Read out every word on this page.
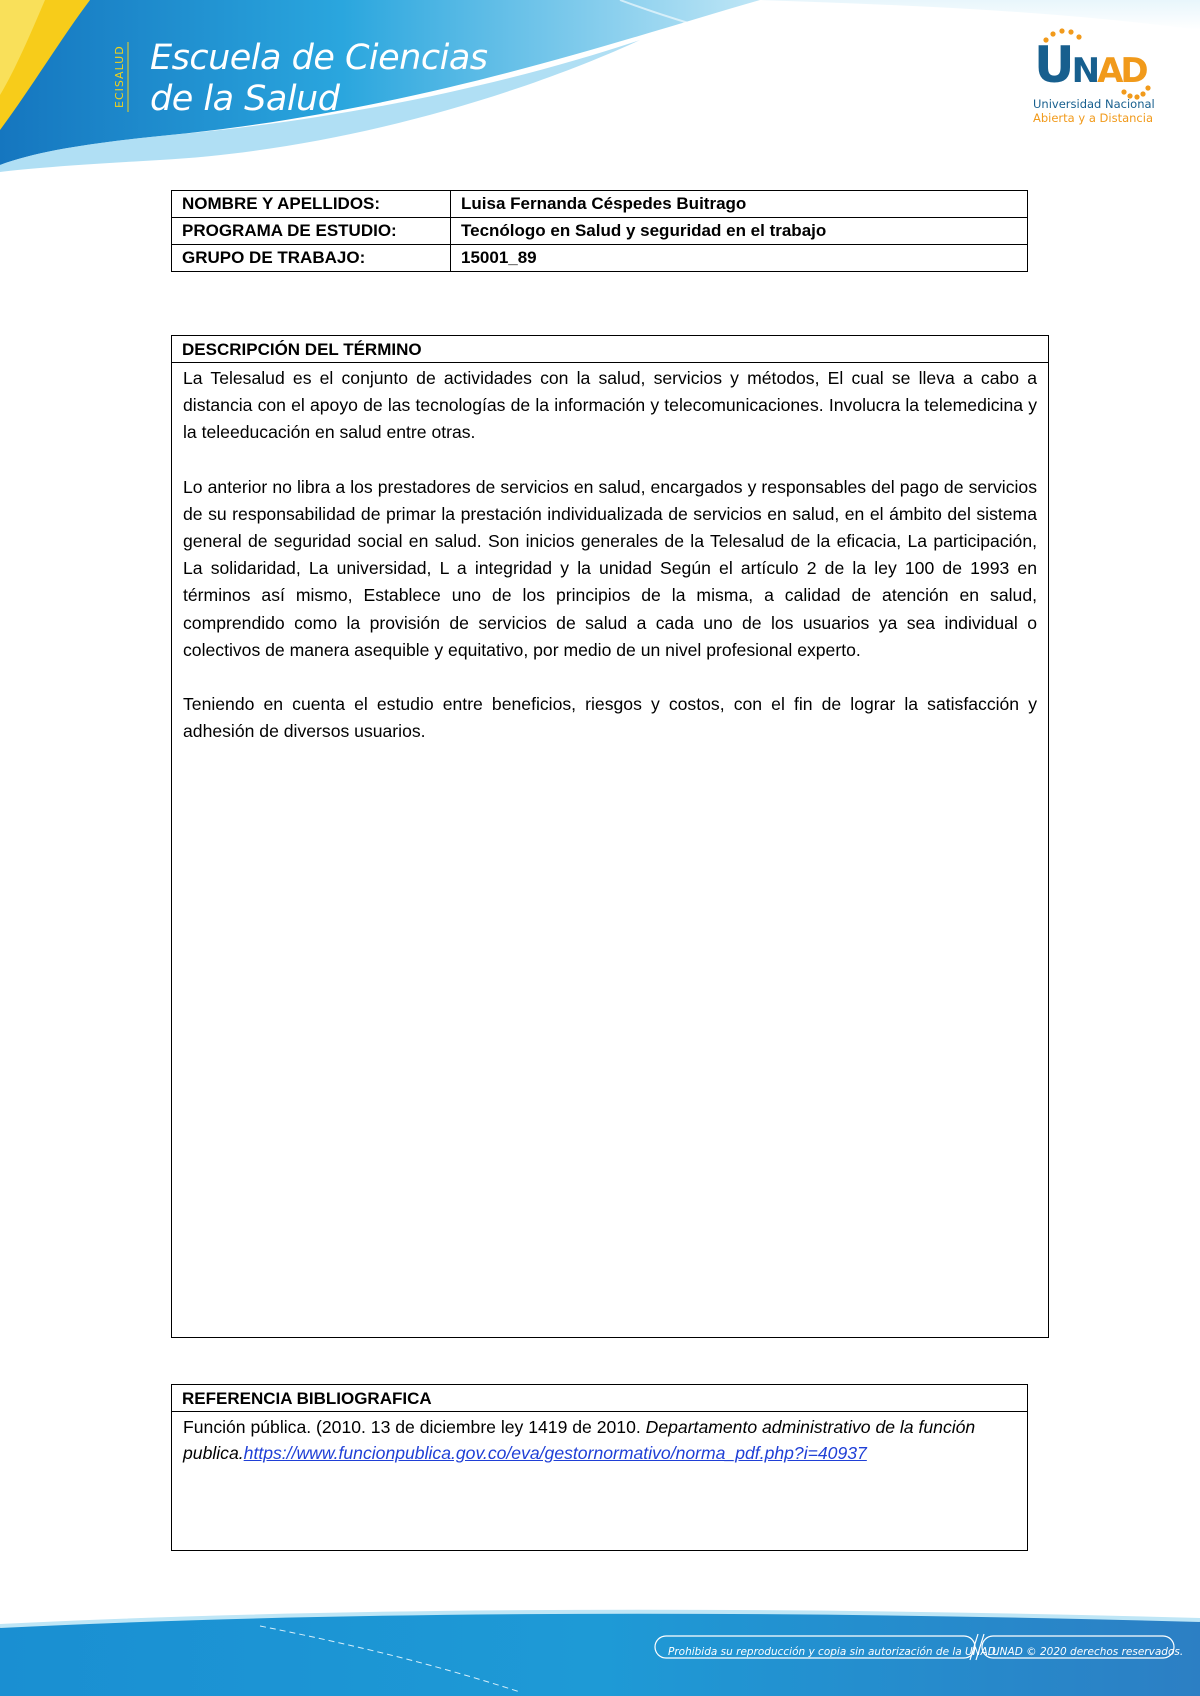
ECISALUD Escuela de Ciencias
de la Salud
UNAD
Universidad Nacional
Abierta y a Distancia
NOMBRE Y APELLIDOS:	Luisa Fernanda Céspedes Buitrago
PROGRAMA DE ESTUDIO:	Tecnólogo en Salud y seguridad en el trabajo
GRUPO DE TRABAJO:	15001_89
DESCRIPCIÓN DEL TÉRMINO

La Telesalud es el conjunto de actividades con la salud, servicios y métodos, El cual se lleva a cabo a distancia con el apoyo de las tecnologías de la información y telecomunicaciones. Involucra la telemedicina y la teleeducación en salud entre otras.

Lo anterior no libra a los prestadores de servicios en salud, encargados y responsables del pago de servicios de su responsabilidad de primar la prestación individualizada de servicios en salud, en el ámbito del sistema general de seguridad social en salud. Son inicios generales de la Telesalud de la eficacia, La participación, La solidaridad, La universidad, L a integridad y la unidad Según el artículo 2 de la ley 100 de 1993 en términos así mismo, Establece uno de los principios de la misma, a calidad de atención en salud, comprendido como la provisión de servicios de salud a cada uno de los usuarios ya sea individual o colectivos de manera asequible y equitativo, por medio de un nivel profesional experto.

Teniendo en cuenta el estudio entre beneficios, riesgos y costos, con el fin de lograr la satisfacción y adhesión de diversos usuarios.

REFERENCIA BIBLIOGRAFICA
Función pública. (2010. 13 de diciembre ley 1419 de 2010. Departamento administrativo de la función publica.https://www.funcionpublica.gov.co/eva/gestornormativo/norma_pdf.php?i=40937
Prohibida su reproducción y copia sin autorización de la UNAD.
UNAD © 2020 derechos reservados.
